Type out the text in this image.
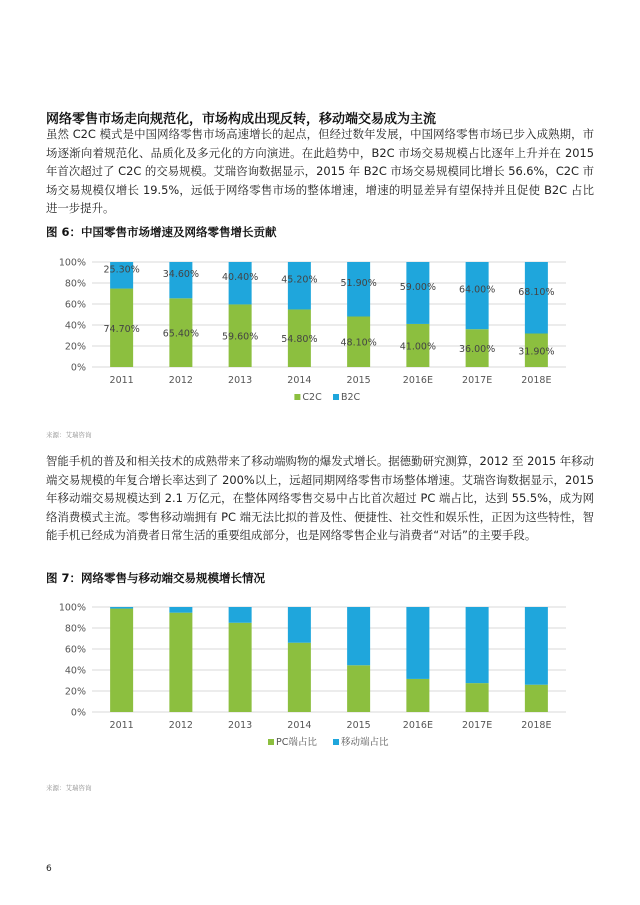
网络零售市场走向规范化，市场构成出现反转，移动端交易成为主流
虽然 C2C 模式是中国网络零售市场高速增长的起点，但经过数年发展，中国网络零售市场已步入成熟期，市场逐渐向着规范化、品质化及多元化的方向演进。在此趋势中，B2C 市场交易规模占比逐年上升并在 2015 年首次超过了 C2C 的交易规模。艾瑞咨询数据显示，2015 年 B2C 市场交易规模同比增长 56.6%，C2C 市场交易规模仅增长 19.5%，远低于网络零售市场的整体增速，增速的明显差异有望保持并且促使 B2C 占比进一步提升。
图 6：中国零售市场增速及网络零售增长贡献
0%
20%
40%
60%
80%
100%
74.70%
25.30%
2011
65.40%
34.60%
2012
59.60%
40.40%
2013
54.80%
45.20%
2014
48.10%
51.90%
2015
41.00%
59.00%
2016E
36.00%
64.00%
2017E
31.90%
68.10%
2018E
C2C B2C
来源：艾瑞咨询
智能手机的普及和相关技术的成熟带来了移动端购物的爆发式增长。据德勤研究测算，2012 至 2015 年移动端交易规模的年复合增长率达到了 200%以上，远超同期网络零售市场整体增速。艾瑞咨询数据显示，2015 年移动端交易规模达到 2.1 万亿元，在整体网络零售交易中占比首次超过 PC 端占比，达到 55.5%，成为网络消费模式主流。零售移动端拥有 PC 端无法比拟的普及性、便捷性、社交性和娱乐性，正因为这些特性，智能手机已经成为消费者日常生活的重要组成部分，也是网络零售企业与消费者“对话”的主要手段。
图 7：网络零售与移动端交易规模增长情况
0%
20%
40%
60%
80%
100%
2011	2012	2013	2014	2015	2016E	2017E	2018E
PC端占比	移动端占比
来源：艾瑞咨询
6
